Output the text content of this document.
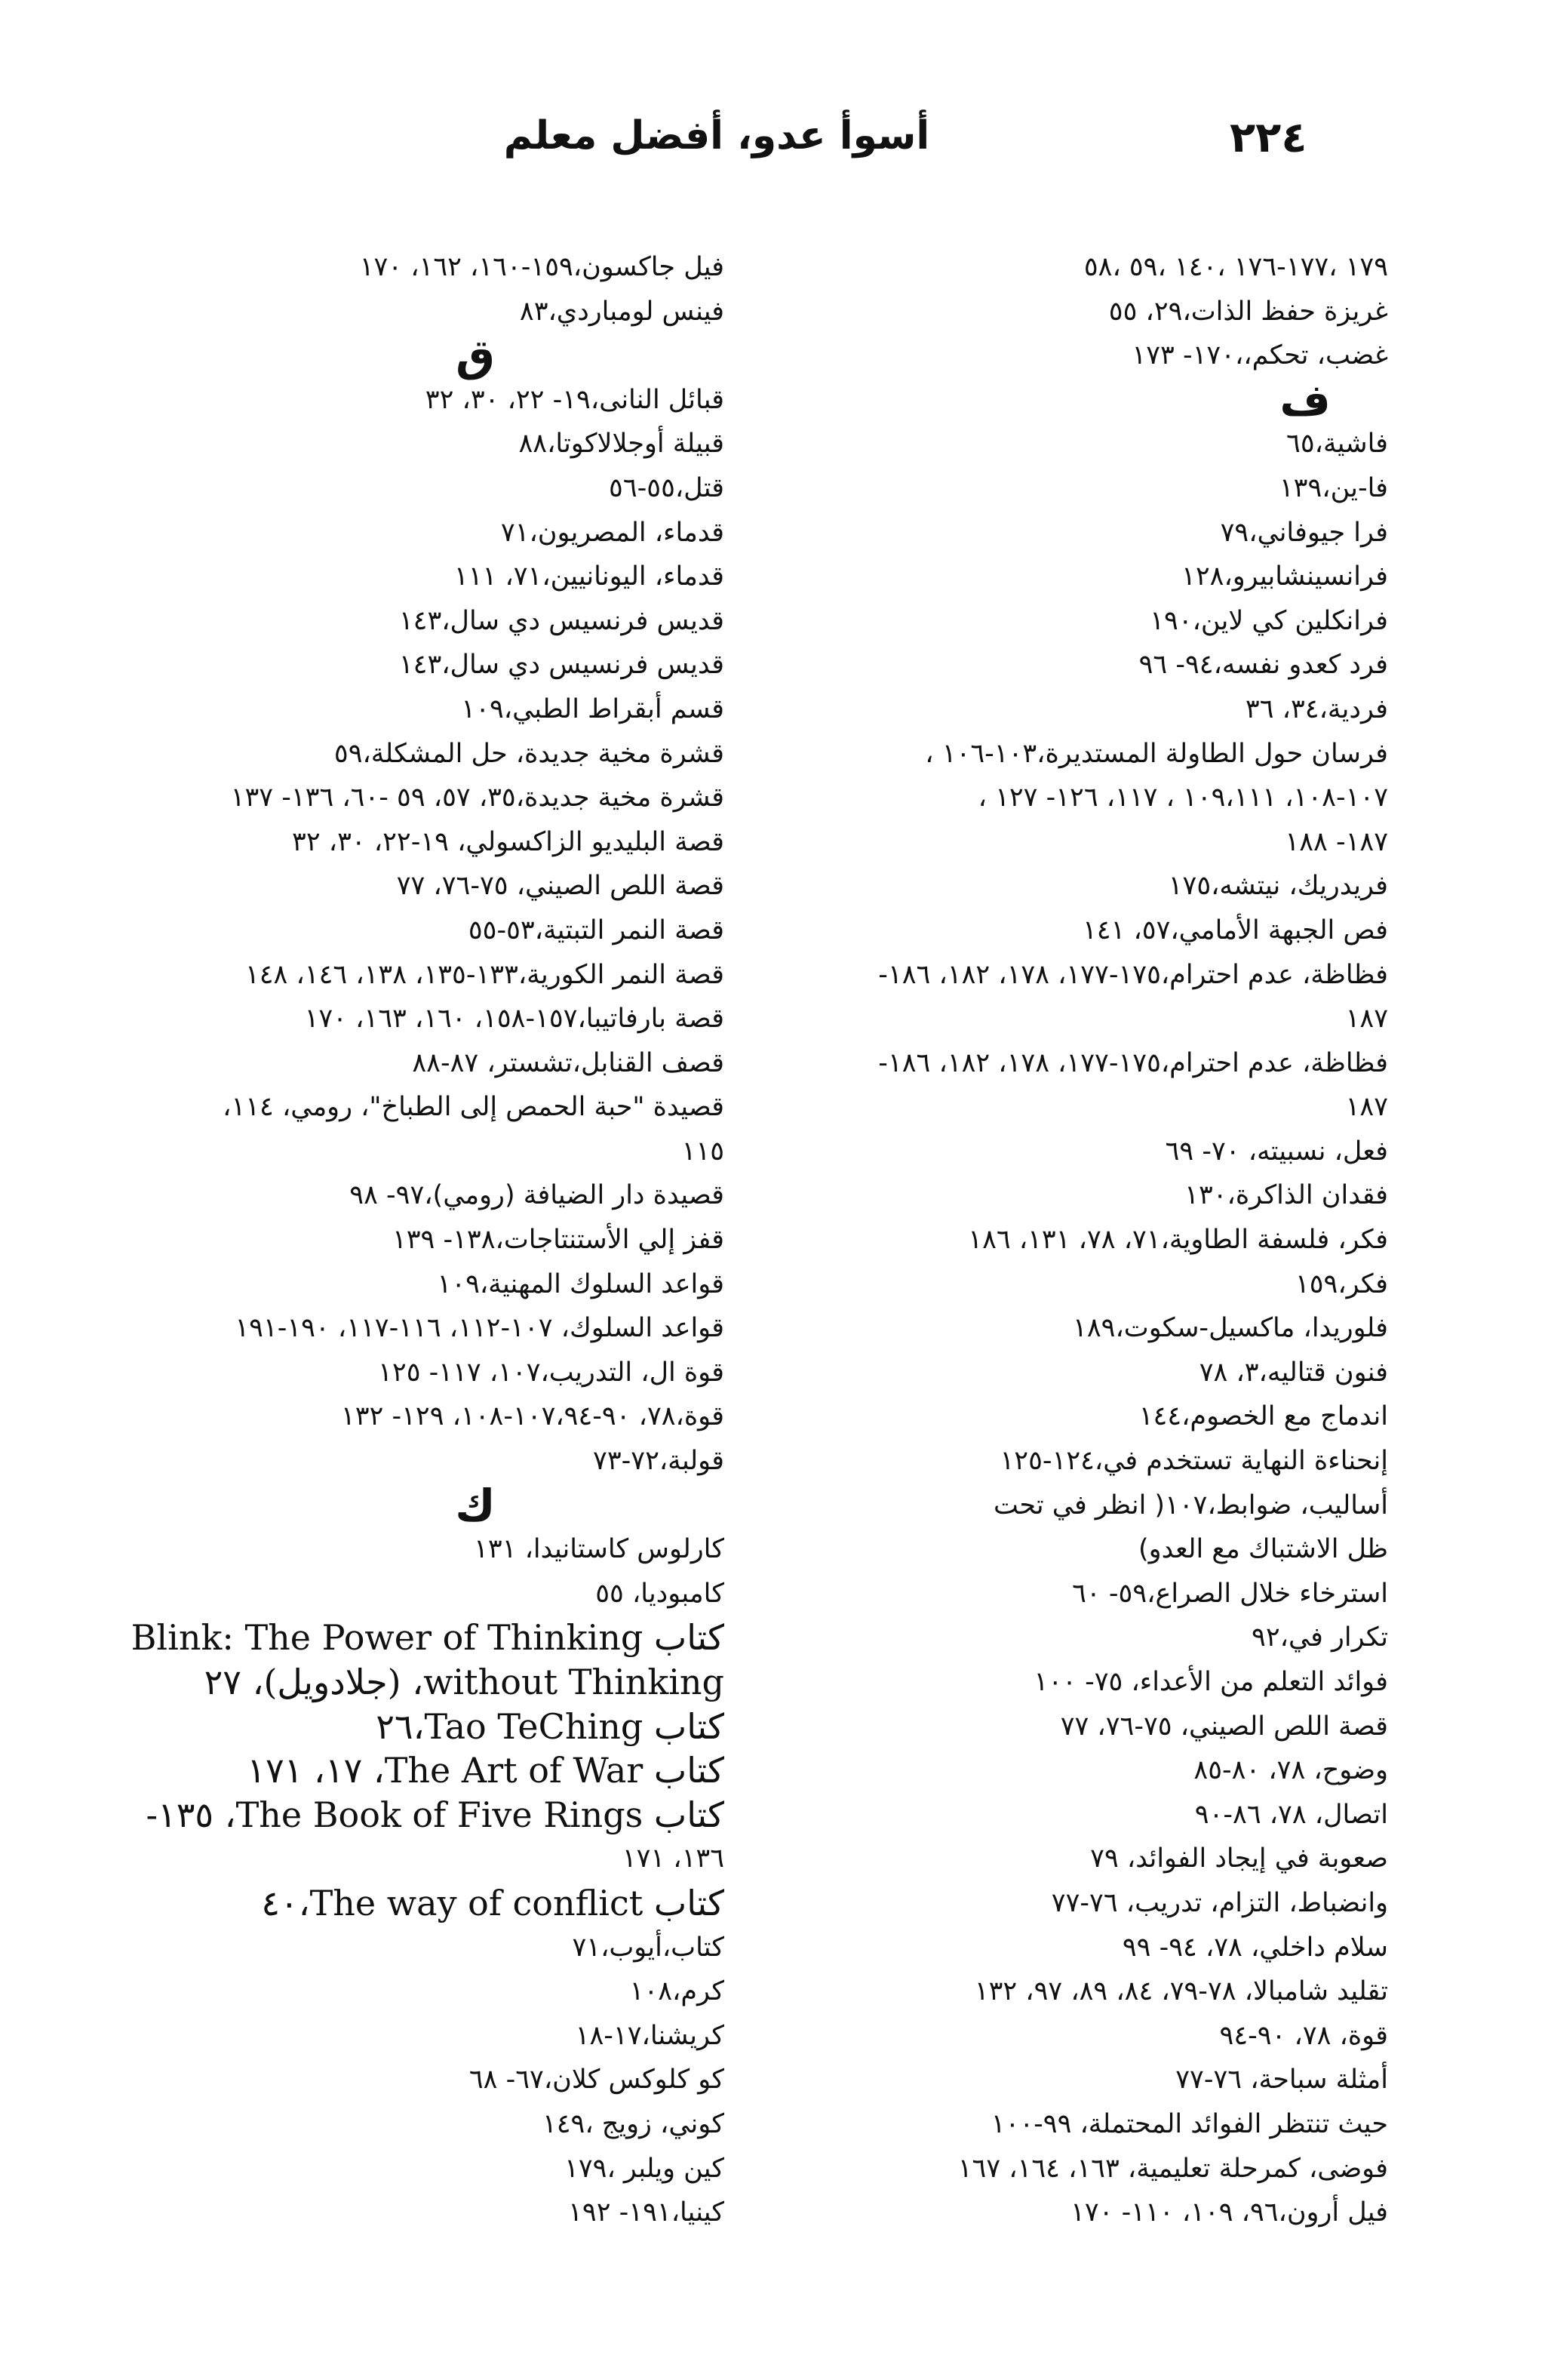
٢٢٤
أسوأ عدو، أفضل معلم
١٧٩ ،١٧٧-١٧٦ ،١٤٠ ،٥٩ ،٥٨
غريزة حفظ الذات،٢٩، ٥٥
غضب، تحكم،،١٧٠- ١٧٣
ف
فاشية،٦٥
فا-ين،١٣٩
فرا جيوفاني،٧٩
فرانسينشابيرو،١٢٨
فرانكلين كي لاين،١٩٠
فرد كعدو نفسه،٩٤- ٩٦
فردية،٣٤، ٣٦
فرسان حول الطاولة المستديرة،١٠٣-١٠٦ ،
١٠٧-١٠٨، ١٠٩،١١١ ، ١١٧، ١٢٦- ١٢٧ ،
١٨٧- ١٨٨
فريدريك، نيتشه،١٧٥
فص الجبهة الأمامي،٥٧، ١٤١
فظاظة، عدم احترام،١٧٥-١٧٧، ١٧٨، ١٨٢، ١٨٦-
١٨٧
فظاظة، عدم احترام،١٧٥-١٧٧، ١٧٨، ١٨٢، ١٨٦-
١٨٧
فعل، نسبيته، ٧٠- ٦٩
فقدان الذاكرة،١٣٠
فكر، فلسفة الطاوية،٧١، ٧٨، ١٣١، ١٨٦
فكر،١٥٩
فلوريدا، ماكسيل-سكوت،١٨٩
فنون قتاليه،٣، ٧٨
اندماج مع الخصوم،١٤٤
إنحناءة النهاية تستخدم في،١٢٤-١٢٥
أساليب، ضوابط،١٠٧( انظر في تحت
ظل الاشتباك مع العدو)
استرخاء خلال الصراع،٥٩- ٦٠
تكرار في،٩٢
فوائد التعلم من الأعداء، ٧٥- ١٠٠
قصة اللص الصيني، ٧٥-٧٦، ٧٧
وضوح، ٧٨، ٨٠-٨٥
اتصال، ٧٨، ٨٦-٩٠
صعوبة في إيجاد الفوائد، ٧٩
وانضباط، التزام، تدريب، ٧٦-٧٧
سلام داخلي، ٧٨، ٩٤- ٩٩
تقليد شامبالا، ٧٨-٧٩، ٨٤، ٨٩، ٩٧، ١٣٢
قوة، ٧٨، ٩٠-٩٤
أمثلة سباحة، ٧٦-٧٧
حيث تنتظر الفوائد المحتملة، ٩٩-١٠٠
فوضى، كمرحلة تعليمية، ١٦٣، ١٦٤، ١٦٧
فيل أرون،٩٦، ١٠٩، ١١٠- ١٧٠
فيل جاكسون،١٥٩-١٦٠، ١٦٢، ١٧٠
فينس لومباردي،٨٣
ق
قبائل النانى،١٩- ٢٢، ٣٠، ٣٢
قبيلة أوجلالاكوتا،٨٨
قتل،٥٥-٥٦
قدماء، المصريون،٧١
قدماء، اليونانيين،٧١، ١١١
قديس فرنسيس دي سال،١٤٣
قديس فرنسيس دي سال،١٤٣
قسم أبقراط الطبي،١٠٩
قشرة مخية جديدة، حل المشكلة،٥٩
قشرة مخية جديدة،٣٥، ٥٧، ٥٩ -٦٠، ١٣٦- ١٣٧
قصة البليديو الزاكسولي، ١٩-٢٢، ٣٠، ٣٢
قصة اللص الصيني، ٧٥-٧٦، ٧٧
قصة النمر التبتية،٥٣-٥٥
قصة النمر الكورية،١٣٣-١٣٥، ١٣٨، ١٤٦، ١٤٨
قصة بارفاتيبا،١٥٧-١٥٨، ١٦٠، ١٦٣، ١٧٠
قصف القنابل،تشستر، ٨٧-٨٨
قصيدة "حبة الحمص إلى الطباخ"، رومي، ١١٤،
١١٥
قصيدة دار الضيافة (رومي)،٩٧- ٩٨
قفز إلي الأستنتاجات،١٣٨- ١٣٩
قواعد السلوك المهنية،١٠٩
قواعد السلوك، ١٠٧-١١٢، ١١٦-١١٧، ١٩٠-١٩١
قوة ال، التدريب،١٠٧، ١١٧- ١٢٥
قوة،٧٨، ٩٠-١٠٧،٩٤-١٠٨، ١٢٩- ١٣٢
قولبة،٧٢-٧٣
ك
كارلوس كاستانيدا، ١٣١
كامبوديا، ٥٥
كتاب Blink: The Power of Thinking
without Thinking، (جلادويل)، ٢٧
كتاب Tao TeChing،٢٦
كتاب The Art of War، ١٧، ١٧١
كتاب The Book of Five Rings، ١٣٥-
١٣٦، ١٧١
كتاب The way of conflict،٤٠
كتاب،أيوب،٧١
كرم،١٠٨
كريشنا،١٧-١٨
كو كلوكس كلان،٦٧- ٦٨
كوني، زويج ،١٤٩
كين ويلبر ،١٧٩
كينيا،١٩١- ١٩٢
